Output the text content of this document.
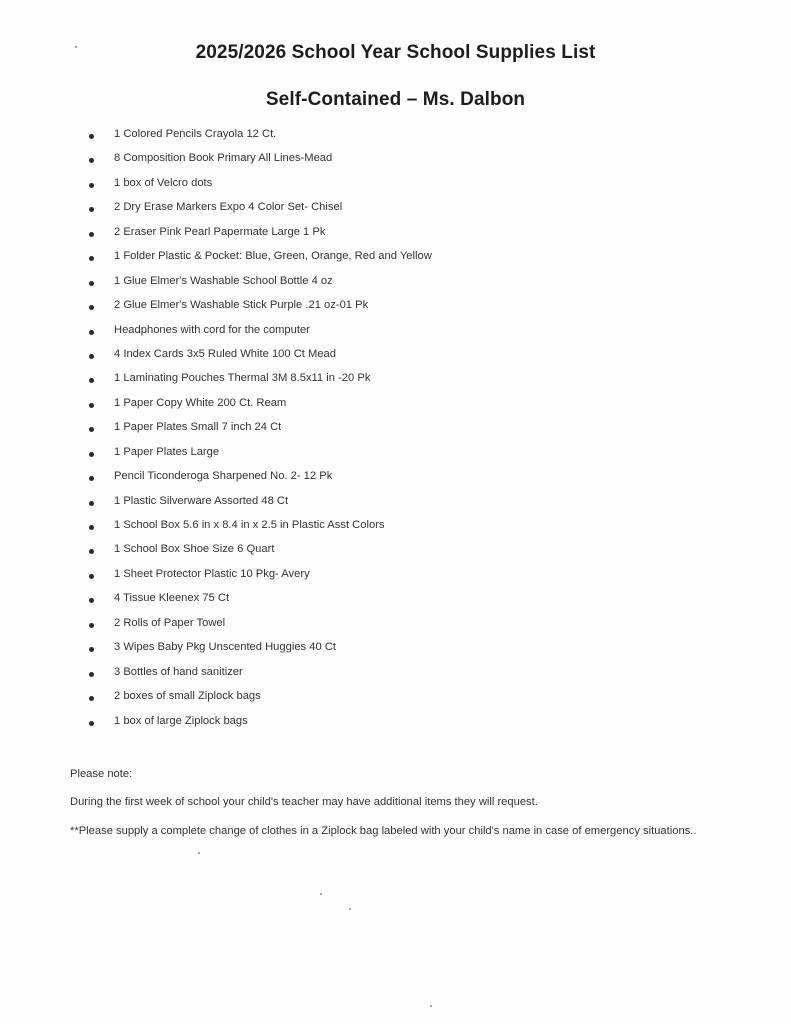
2025/2026 School Year School Supplies List
Self-Contained – Ms. Dalbon
1 Colored Pencils Crayola 12 Ct.
8 Composition Book Primary All Lines-Mead
1 box of Velcro dots
2 Dry Erase Markers Expo 4 Color Set- Chisel
2 Eraser Pink Pearl Papermate Large 1 Pk
1 Folder Plastic & Pocket: Blue, Green, Orange, Red and Yellow
1 Glue Elmer's Washable School Bottle 4 oz
2 Glue Elmer's Washable Stick Purple .21 oz-01 Pk
Headphones with cord for the computer
4 Index Cards 3x5 Ruled White 100 Ct Mead
1 Laminating Pouches Thermal 3M 8.5x11 in -20 Pk
1 Paper Copy White 200 Ct. Ream
1 Paper Plates Small 7 inch 24 Ct
1 Paper Plates Large
Pencil Ticonderoga Sharpened No. 2- 12 Pk
1 Plastic Silverware Assorted 48 Ct
1 School Box 5.6 in x 8.4 in x 2.5 in Plastic Asst Colors
1 School Box Shoe Size 6 Quart
1 Sheet Protector Plastic 10 Pkg- Avery
4 Tissue Kleenex 75 Ct
2 Rolls of Paper Towel
3 Wipes Baby Pkg Unscented Huggies 40 Ct
3 Bottles of hand sanitizer
2 boxes of small Ziplock bags
1 box of large Ziplock bags
Please note:
During the first week of school your child's teacher may have additional items they will request.
**Please supply a complete change of clothes in a Ziplock bag labeled with your child's name in case of emergency situations..
